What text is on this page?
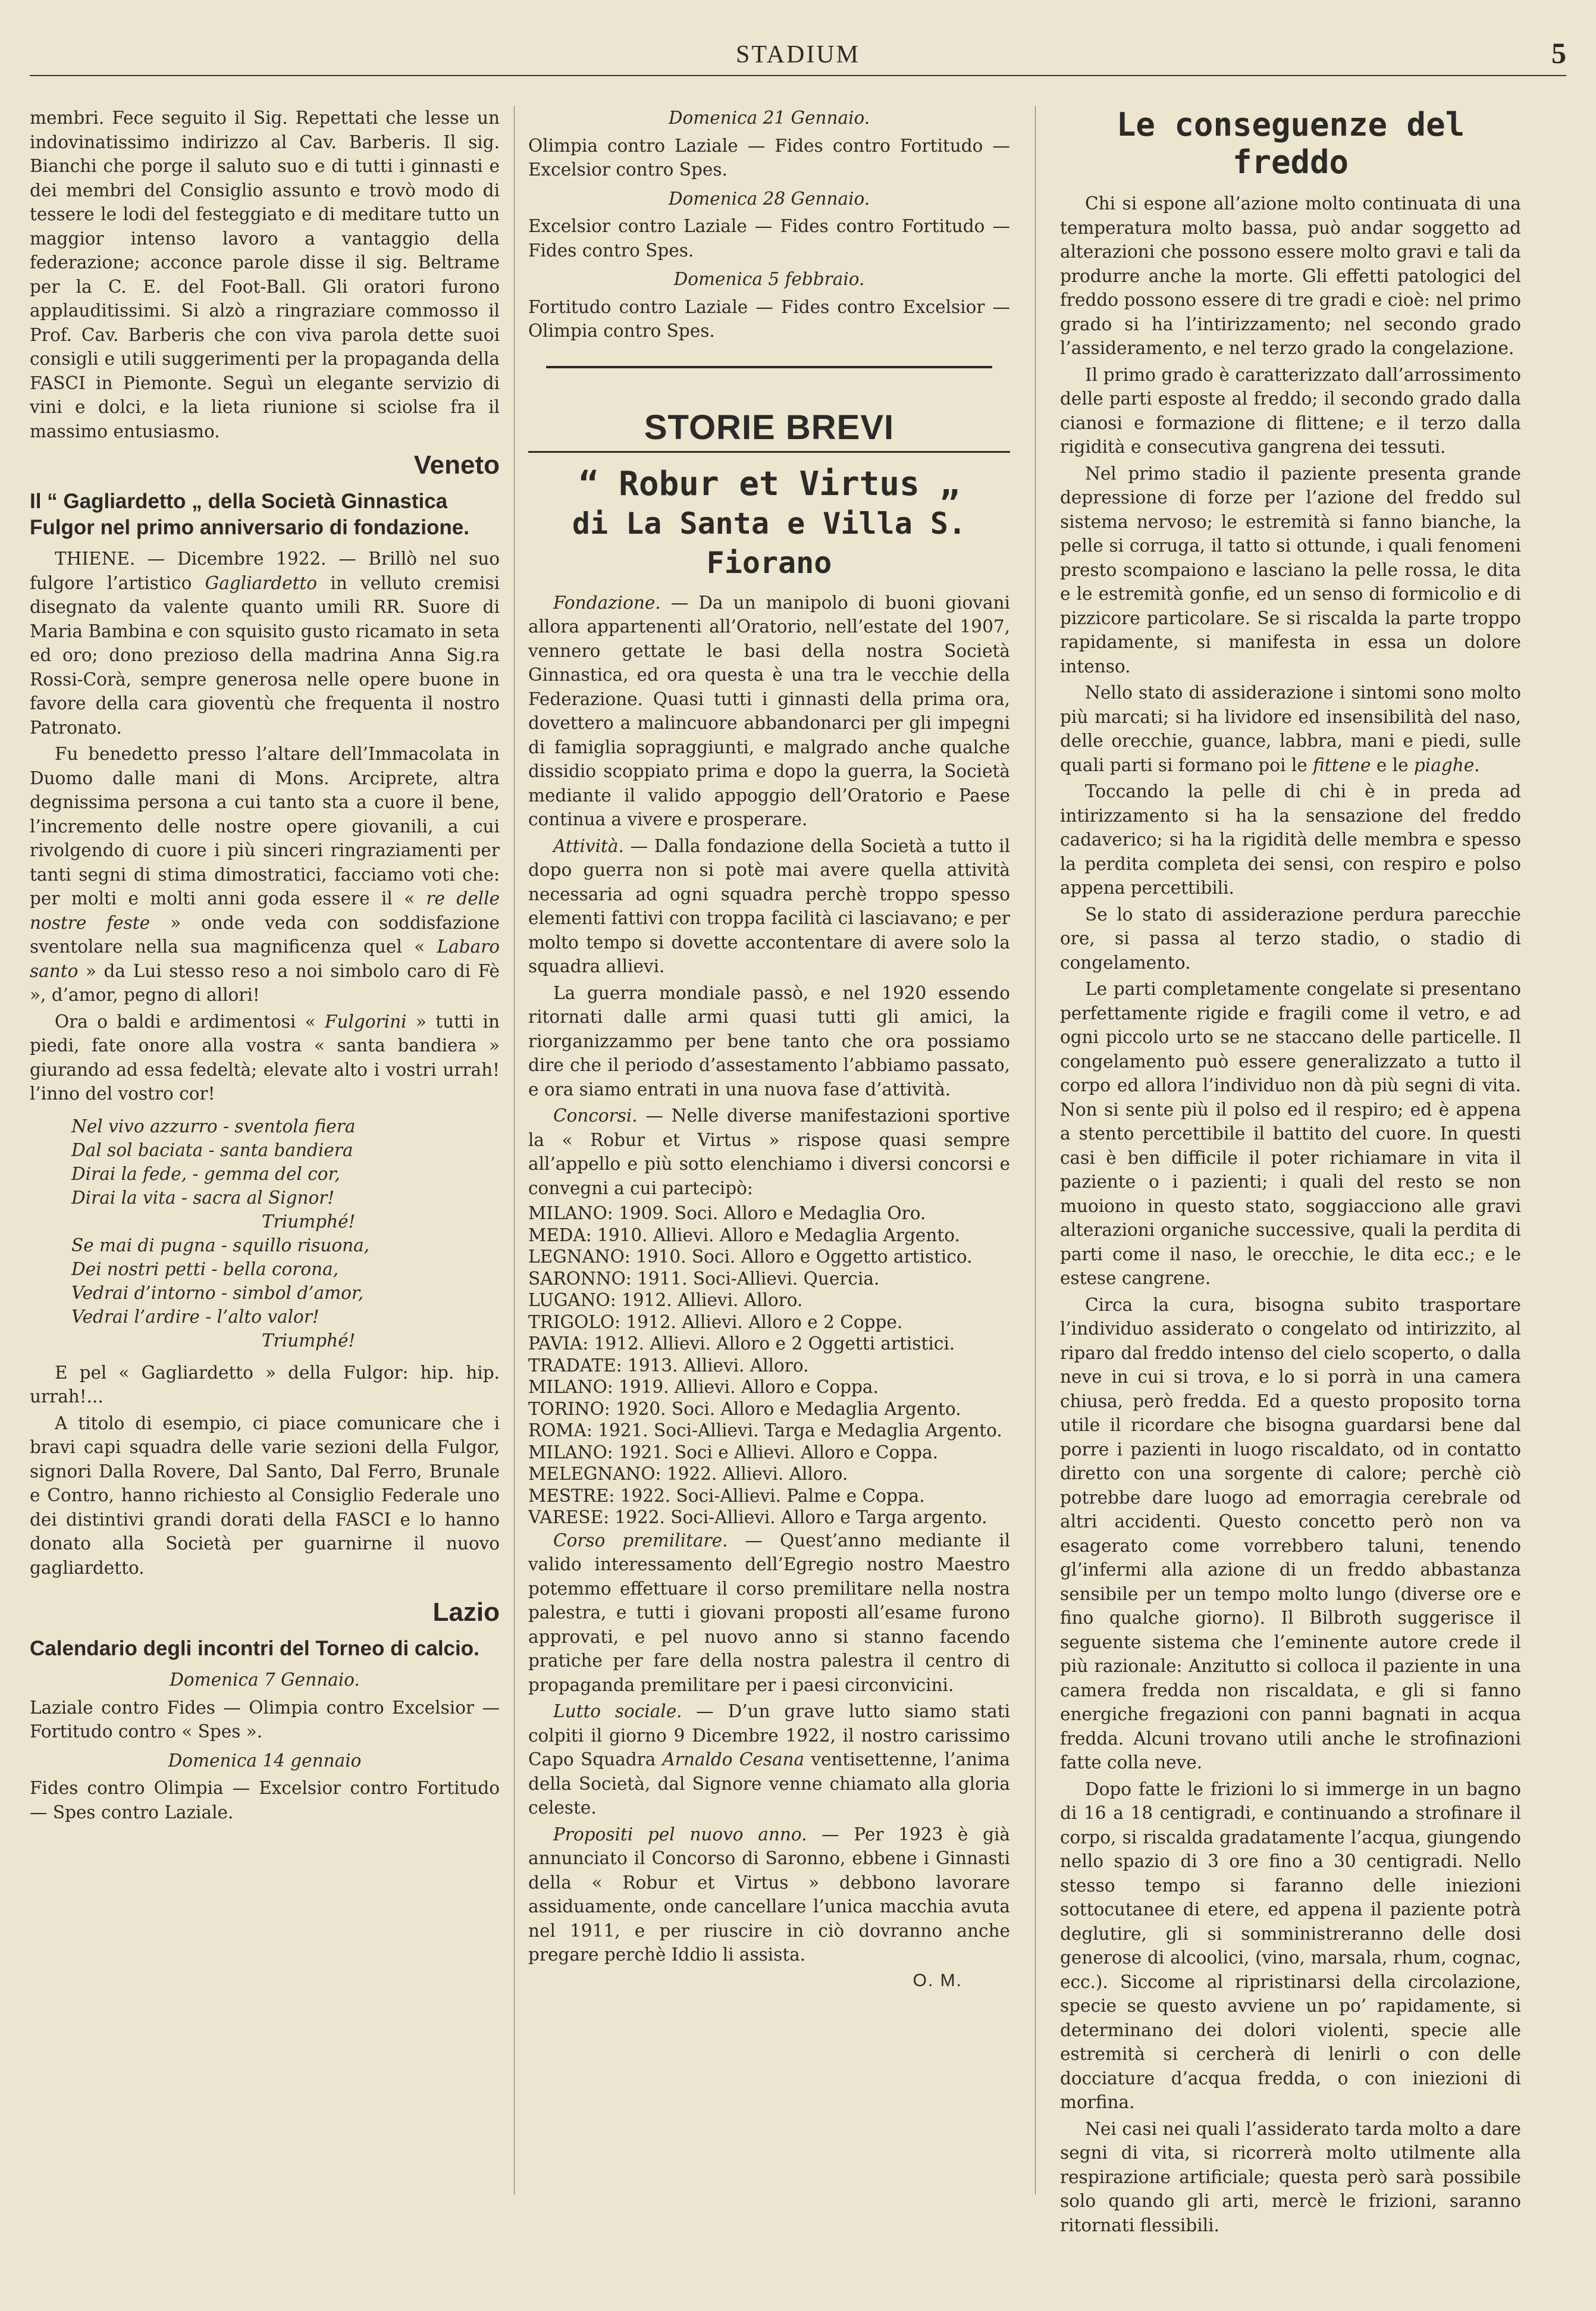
STADIUM	5

membri. Fece seguito il Sig. Repettati che lesse un indovinatissimo indirizzo al Cav. Barberis. Il sig. Bianchi che porge il saluto suo e di tutti i ginnasti e dei membri del Consiglio assunto e trovò modo di tessere le lodi del festeggiato e di meditare tutto un maggior intenso lavoro a vantaggio della federazione; acconce parole disse il sig. Beltrame per la C. E. del Foot-Ball. Gli oratori furono applauditissimi. Si alzò a ringraziare commosso il Prof. Cav. Barberis che con viva parola dette suoi consigli e utili suggerimenti per la propaganda della FASCI in Piemonte. Seguì un elegante servizio di vini e dolci, e la lieta riunione si sciolse fra il massimo entusiasmo.

Veneto
Il “ Gagliardetto „ della Società Ginnastica Fulgor nel primo anniversario di fondazione.

THIENE. — Dicembre 1922. — Brillò nel suo fulgore l’artistico Gagliardetto in velluto cremisi disegnato da valente quanto umili RR. Suore di Maria Bambina e con squisito gusto ricamato in seta ed oro; dono prezioso della madrina Anna Sig.ra Rossi-Corà, sempre generosa nelle opere buone in favore della cara gioventù che frequenta il nostro Patronato.

Fu benedetto presso l’altare dell’Immacolata in Duomo dalle mani di Mons. Arciprete, altra degnissima persona a cui tanto sta a cuore il bene, l’incremento delle nostre opere giovanili, a cui rivolgendo di cuore i più sinceri ringraziamenti per tanti segni di stima dimostratici, facciamo voti che: per molti e molti anni goda essere il « re delle nostre feste » onde veda con soddisfazione sventolare nella sua magnificenza quel « Labaro santo » da Lui stesso reso a noi simbolo caro di Fè », d’amor, pegno di allori!

Ora o baldi e ardimentosi « Fulgorini » tutti in piedi, fate onore alla vostra « santa bandiera » giurando ad essa fedeltà; elevate alto i vostri urrah! l’inno del vostro cor!

Nel vivo azzurro - sventola fiera
Dal sol baciata - santa bandiera
Dirai la fede, - gemma del cor,
Dirai la vita - sacra al Signor!
Triumphé!
Se mai di pugna - squillo risuona,
Dei nostri petti - bella corona,
Vedrai d’intorno - simbol d’amor,
Vedrai l’ardire - l’alto valor!
Triumphé!

E pel « Gagliardetto » della Fulgor: hip. hip. urrah!...

A titolo di esempio, ci piace comunicare che i bravi capi squadra delle varie sezioni della Fulgor, signori Dalla Rovere, Dal Santo, Dal Ferro, Brunale e Contro, hanno richiesto al Consiglio Federale uno dei distintivi grandi dorati della FASCI e lo hanno donato alla Società per guarnirne il nuovo gagliardetto.

Lazio
Calendario degli incontri del Torneo di calcio.
Domenica 7 Gennaio.

Laziale contro Fides — Olimpia contro Excelsior — Fortitudo contro « Spes ».

Domenica 14 gennaio

Fides contro Olimpia — Excelsior contro Fortitudo — Spes contro Laziale.

Domenica 21 Gennaio.

Olimpia contro Laziale — Fides contro Fortitudo — Excelsior contro Spes.

Domenica 28 Gennaio.

Excelsior contro Laziale — Fides contro Fortitudo — Fides contro Spes.

Domenica 5 febbraio.

Fortitudo contro Laziale — Fides contro Excelsior — Olimpia contro Spes.

STORIE BREVI
“ Robur et Virtus „
di La Santa e Villa S. Fiorano

Fondazione. — Da un manipolo di buoni giovani allora appartenenti all’Oratorio, nell’estate del 1907, vennero gettate le basi della nostra Società Ginnastica, ed ora questa è una tra le vecchie della Federazione. Quasi tutti i ginnasti della prima ora, dovettero a malincuore abbandonarci per gli impegni di famiglia sopraggiunti, e malgrado anche qualche dissidio scoppiato prima e dopo la guerra, la Società mediante il valido appoggio dell’Oratorio e Paese continua a vivere e prosperare.

Attività. — Dalla fondazione della Società a tutto il dopo guerra non si potè mai avere quella attività necessaria ad ogni squadra perchè troppo spesso elementi fattivi con troppa facilità ci lasciavano; e per molto tempo si dovette accontentare di avere solo la squadra allievi.

La guerra mondiale passò, e nel 1920 essendo ritornati dalle armi quasi tutti gli amici, la riorganizzammo per bene tanto che ora possiamo dire che il periodo d’assestamento l’abbiamo passato, e ora siamo entrati in una nuova fase d’attività.

Concorsi. — Nelle diverse manifestazioni sportive la « Robur et Virtus » rispose quasi sempre all’appello e più sotto elenchiamo i diversi concorsi e convegni a cui partecipò:

MILANO: 1909. Soci. Alloro e Medaglia Oro.
MEDA: 1910. Allievi. Alloro e Medaglia Argento.
LEGNANO: 1910. Soci. Alloro e Oggetto artistico.
SARONNO: 1911. Soci-Allievi. Quercia.
LUGANO: 1912. Allievi. Alloro.
TRIGOLO: 1912. Allievi. Alloro e 2 Coppe.
PAVIA: 1912. Allievi. Alloro e 2 Oggetti artistici.
TRADATE: 1913. Allievi. Alloro.
MILANO: 1919. Allievi. Alloro e Coppa.
TORINO: 1920. Soci. Alloro e Medaglia Argento.
ROMA: 1921. Soci-Allievi. Targa e Medaglia Argento.
MILANO: 1921. Soci e Allievi. Alloro e Coppa.
MELEGNANO: 1922. Allievi. Alloro.
MESTRE: 1922. Soci-Allievi. Palme e Coppa.
VARESE: 1922. Soci-Allievi. Alloro e Targa argento.

Corso premilitare. — Quest’anno mediante il valido interessamento dell’Egregio nostro Maestro potemmo effettuare il corso premilitare nella nostra palestra, e tutti i giovani proposti all’esame furono approvati, e pel nuovo anno si stanno facendo pratiche per fare della nostra palestra il centro di propaganda premilitare per i paesi circonvicini.

Lutto sociale. — D’un grave lutto siamo stati colpiti il giorno 9 Dicembre 1922, il nostro carissimo Capo Squadra Arnaldo Cesana ventisettenne, l’anima della Società, dal Signore venne chiamato alla gloria celeste.

Propositi pel nuovo anno. — Per 1923 è già annunciato il Concorso di Saronno, ebbene i Ginnasti della « Robur et Virtus » debbono lavorare assiduamente, onde cancellare l’unica macchia avuta nel 1911, e per riuscire in ciò dovranno anche pregare perchè Iddio li assista.

O. M.
Le conseguenze del freddo

Chi si espone all’azione molto continuata di una temperatura molto bassa, può andar soggetto ad alterazioni che possono essere molto gravi e tali da produrre anche la morte. Gli effetti patologici del freddo possono essere di tre gradi e cioè: nel primo grado si ha l’intirizzamento; nel secondo grado l’assideramento, e nel terzo grado la congelazione.

Il primo grado è caratterizzato dall’arrossimento delle parti esposte al freddo; il secondo grado dalla cianosi e formazione di flittene; e il terzo dalla rigidità e consecutiva gangrena dei tessuti.

Nel primo stadio il paziente presenta grande depressione di forze per l’azione del freddo sul sistema nervoso; le estremità si fanno bianche, la pelle si corruga, il tatto si ottunde, i quali fenomeni presto scompaiono e lasciano la pelle rossa, le dita e le estremità gonfie, ed un senso di formicolio e di pizzicore particolare. Se si riscalda la parte troppo rapidamente, si manifesta in essa un dolore intenso.

Nello stato di assiderazione i sintomi sono molto più marcati; si ha lividore ed insensibilità del naso, delle orecchie, guance, labbra, mani e piedi, sulle quali parti si formano poi le fittene e le piaghe.

Toccando la pelle di chi è in preda ad intirizzamento si ha la sensazione del freddo cadaverico; si ha la rigidità delle membra e spesso la perdita completa dei sensi, con respiro e polso appena percettibili.

Se lo stato di assiderazione perdura parecchie ore, si passa al terzo stadio, o stadio di congelamento.

Le parti completamente congelate si presentano perfettamente rigide e fragili come il vetro, e ad ogni piccolo urto se ne staccano delle particelle. Il congelamento può essere generalizzato a tutto il corpo ed allora l’individuo non dà più segni di vita. Non si sente più il polso ed il respiro; ed è appena a stento percettibile il battito del cuore. In questi casi è ben difficile il poter richiamare in vita il paziente o i pazienti; i quali del resto se non muoiono in questo stato, soggiacciono alle gravi alterazioni organiche successive, quali la perdita di parti come il naso, le orecchie, le dita ecc.; e le estese cangrene.

Circa la cura, bisogna subito trasportare l’individuo assiderato o congelato od intirizzito, al riparo dal freddo intenso del cielo scoperto, o dalla neve in cui si trova, e lo si porrà in una camera chiusa, però fredda. Ed a questo proposito torna utile il ricordare che bisogna guardarsi bene dal porre i pazienti in luogo riscaldato, od in contatto diretto con una sorgente di calore; perchè ciò potrebbe dare luogo ad emorragia cerebrale od altri accidenti. Questo concetto però non va esagerato come vorrebbero taluni, tenendo gl’infermi alla azione di un freddo abbastanza sensibile per un tempo molto lungo (diverse ore e fino qualche giorno). Il Bilbroth suggerisce il seguente sistema che l’eminente autore crede il più razionale: Anzitutto si colloca il paziente in una camera fredda non riscaldata, e gli si fanno energiche fregazioni con panni bagnati in acqua fredda. Alcuni trovano utili anche le strofinazioni fatte colla neve.

Dopo fatte le frizioni lo si immerge in un bagno di 16 a 18 centigradi, e continuando a strofinare il corpo, si riscalda gradatamente l’acqua, giungendo nello spazio di 3 ore fino a 30 centigradi. Nello stesso tempo si faranno delle iniezioni sottocutanee di etere, ed appena il paziente potrà deglutire, gli si somministreranno delle dosi generose di alcoolici, (vino, marsala, rhum, cognac, ecc.). Siccome al ripristinarsi della circolazione, specie se questo avviene un po’ rapidamente, si determinano dei dolori violenti, specie alle estremità si cercherà di lenirli o con delle docciature d’acqua fredda, o con iniezioni di morfina.

Nei casi nei quali l’assiderato tarda molto a dare segni di vita, si ricorrerà molto utilmente alla respirazione artificiale; questa però sarà possibile solo quando gli arti, mercè le frizioni, saranno ritornati flessibili.
